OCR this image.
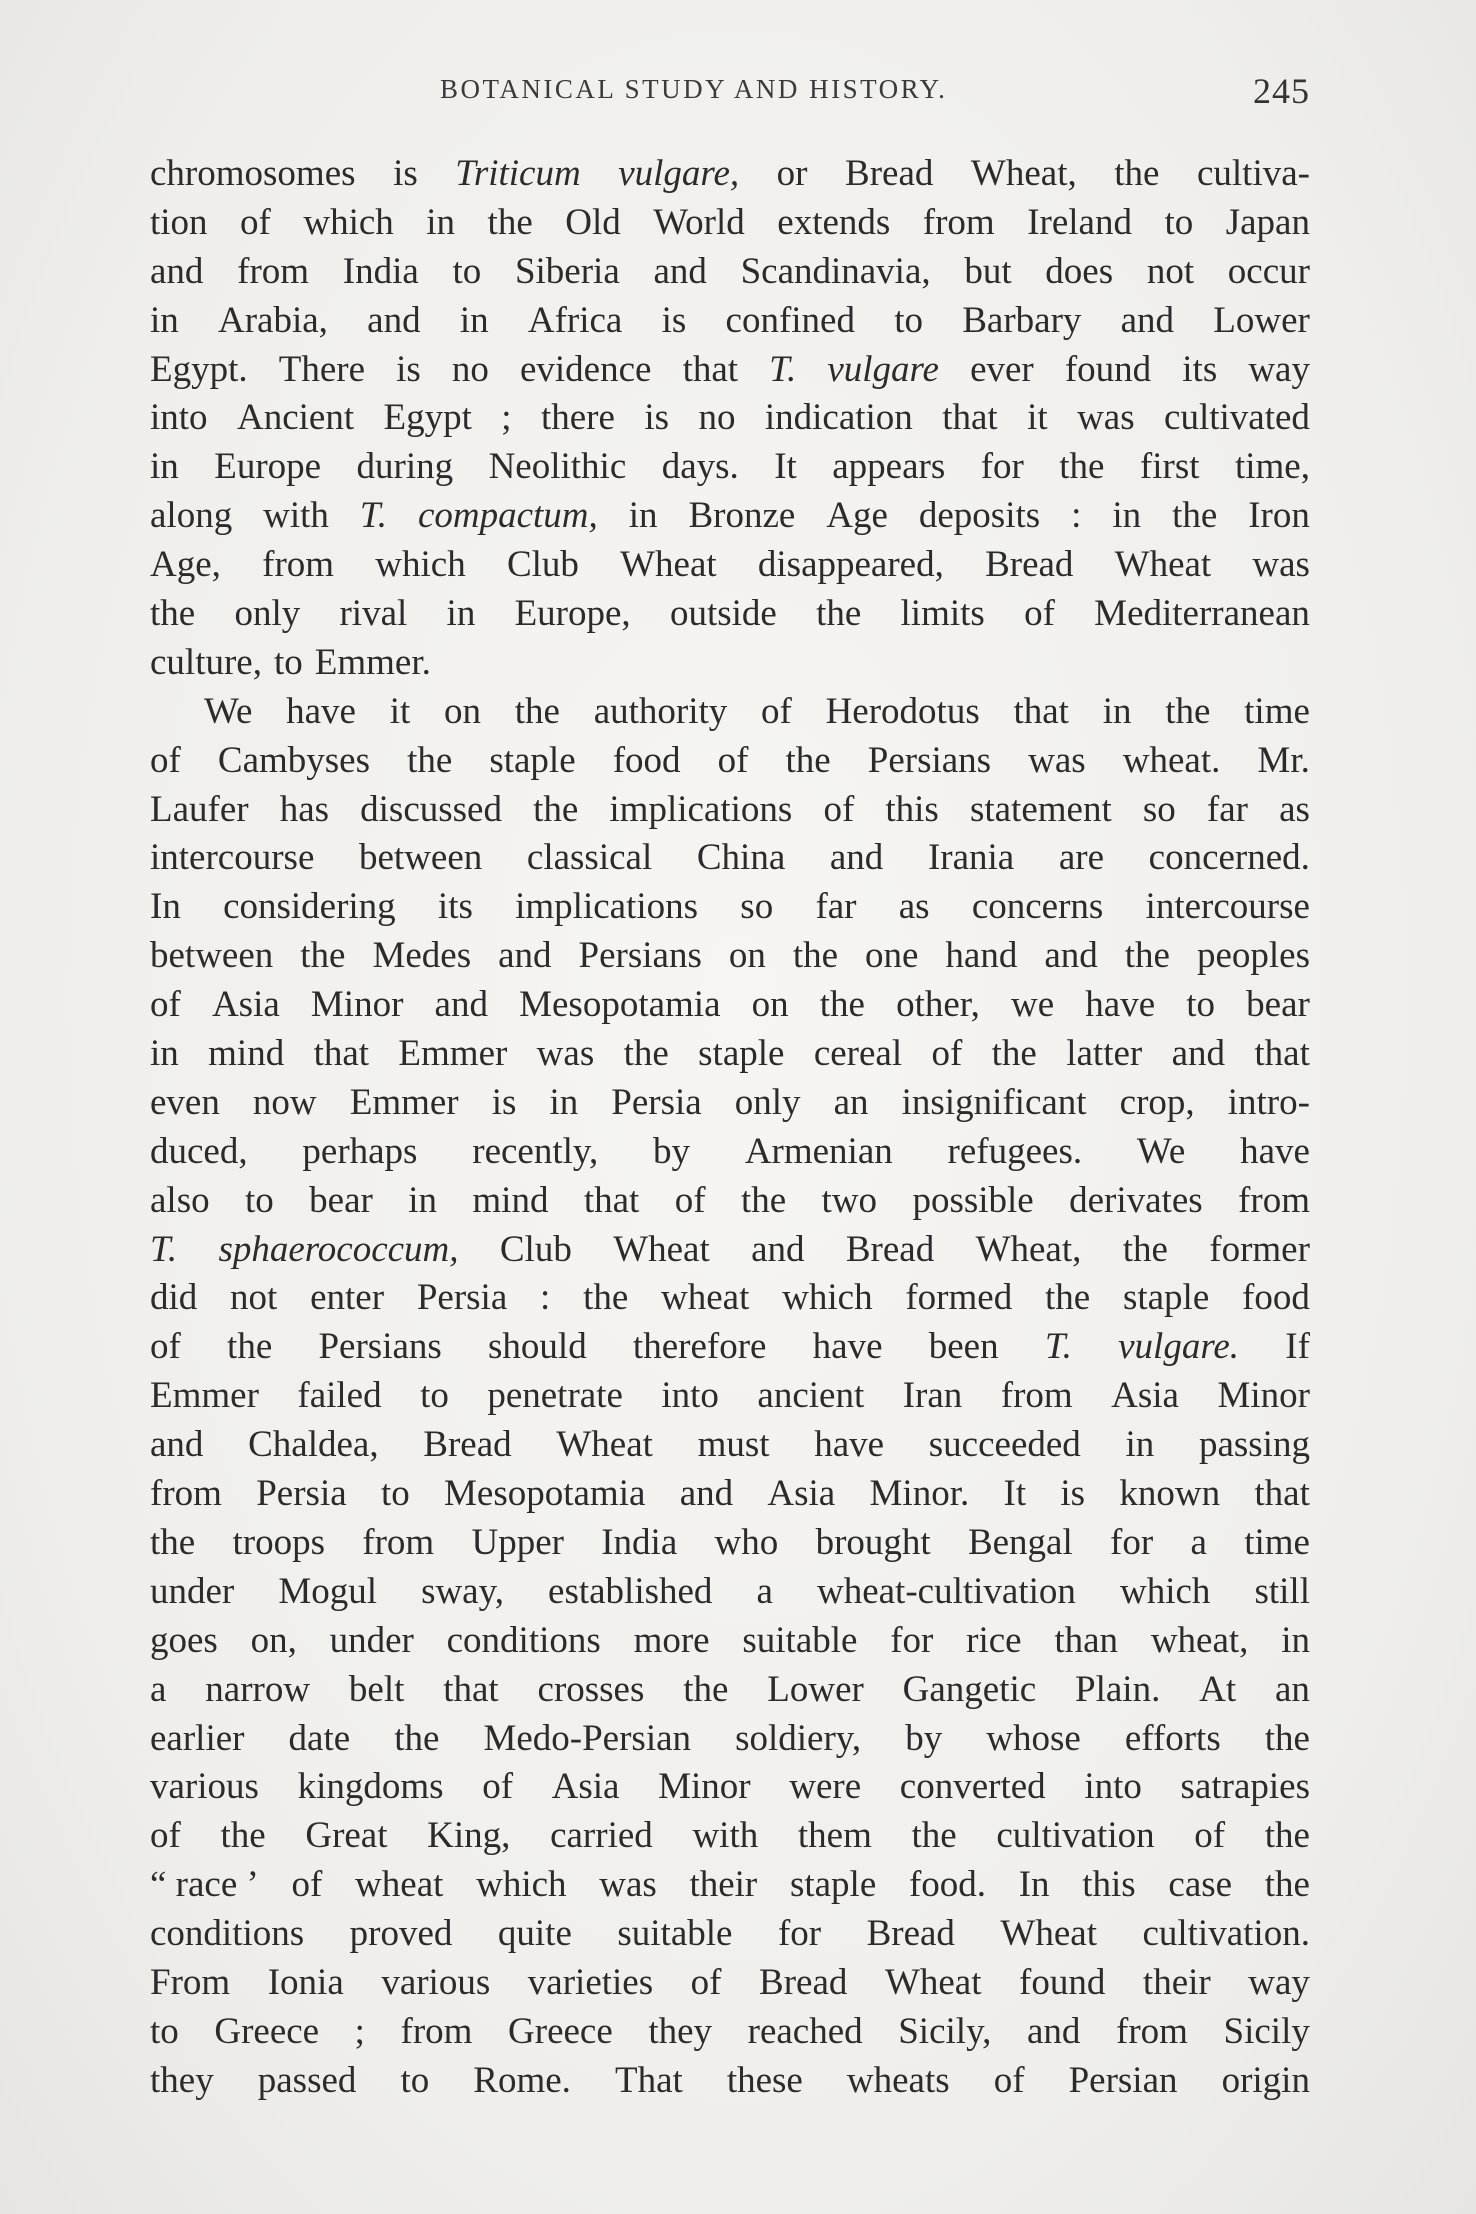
BOTANICAL STUDY AND HISTORY.	245
chromosomes is Triticum vulgare, or Bread Wheat, the cultiva-
tion of which in the Old World extends from Ireland to Japan
and from India to Siberia and Scandinavia, but does not occur
in Arabia, and in Africa is confined to Barbary and Lower
Egypt. There is no evidence that T. vulgare ever found its way
into Ancient Egypt ; there is no indication that it was cultivated
in Europe during Neolithic days. It appears for the first time,
along with T. compactum, in Bronze Age deposits : in the Iron
Age, from which Club Wheat disappeared, Bread Wheat was
the only rival in Europe, outside the limits of Mediterranean
culture, to Emmer.
We have it on the authority of Herodotus that in the time
of Cambyses the staple food of the Persians was wheat. Mr.
Laufer has discussed the implications of this statement so far as
intercourse between classical China and Irania are concerned.
In considering its implications so far as concerns intercourse
between the Medes and Persians on the one hand and the peoples
of Asia Minor and Mesopotamia on the other, we have to bear
in mind that Emmer was the staple cereal of the latter and that
even now Emmer is in Persia only an insignificant crop, intro-
duced, perhaps recently, by Armenian refugees. We have
also to bear in mind that of the two possible derivates from
T. sphaerococcum, Club Wheat and Bread Wheat, the former
did not enter Persia : the wheat which formed the staple food
of the Persians should therefore have been T. vulgare. If
Emmer failed to penetrate into ancient Iran from Asia Minor
and Chaldea, Bread Wheat must have succeeded in passing
from Persia to Mesopotamia and Asia Minor. It is known that
the troops from Upper India who brought Bengal for a time
under Mogul sway, established a wheat-cultivation which still
goes on, under conditions more suitable for rice than wheat, in
a narrow belt that crosses the Lower Gangetic Plain. At an
earlier date the Medo-Persian soldiery, by whose efforts the
various kingdoms of Asia Minor were converted into satrapies
of the Great King, carried with them the cultivation of the
“ race ’ of wheat which was their staple food. In this case the
conditions proved quite suitable for Bread Wheat cultivation.
From Ionia various varieties of Bread Wheat found their way
to Greece ; from Greece they reached Sicily, and from Sicily
they passed to Rome. That these wheats of Persian origin
